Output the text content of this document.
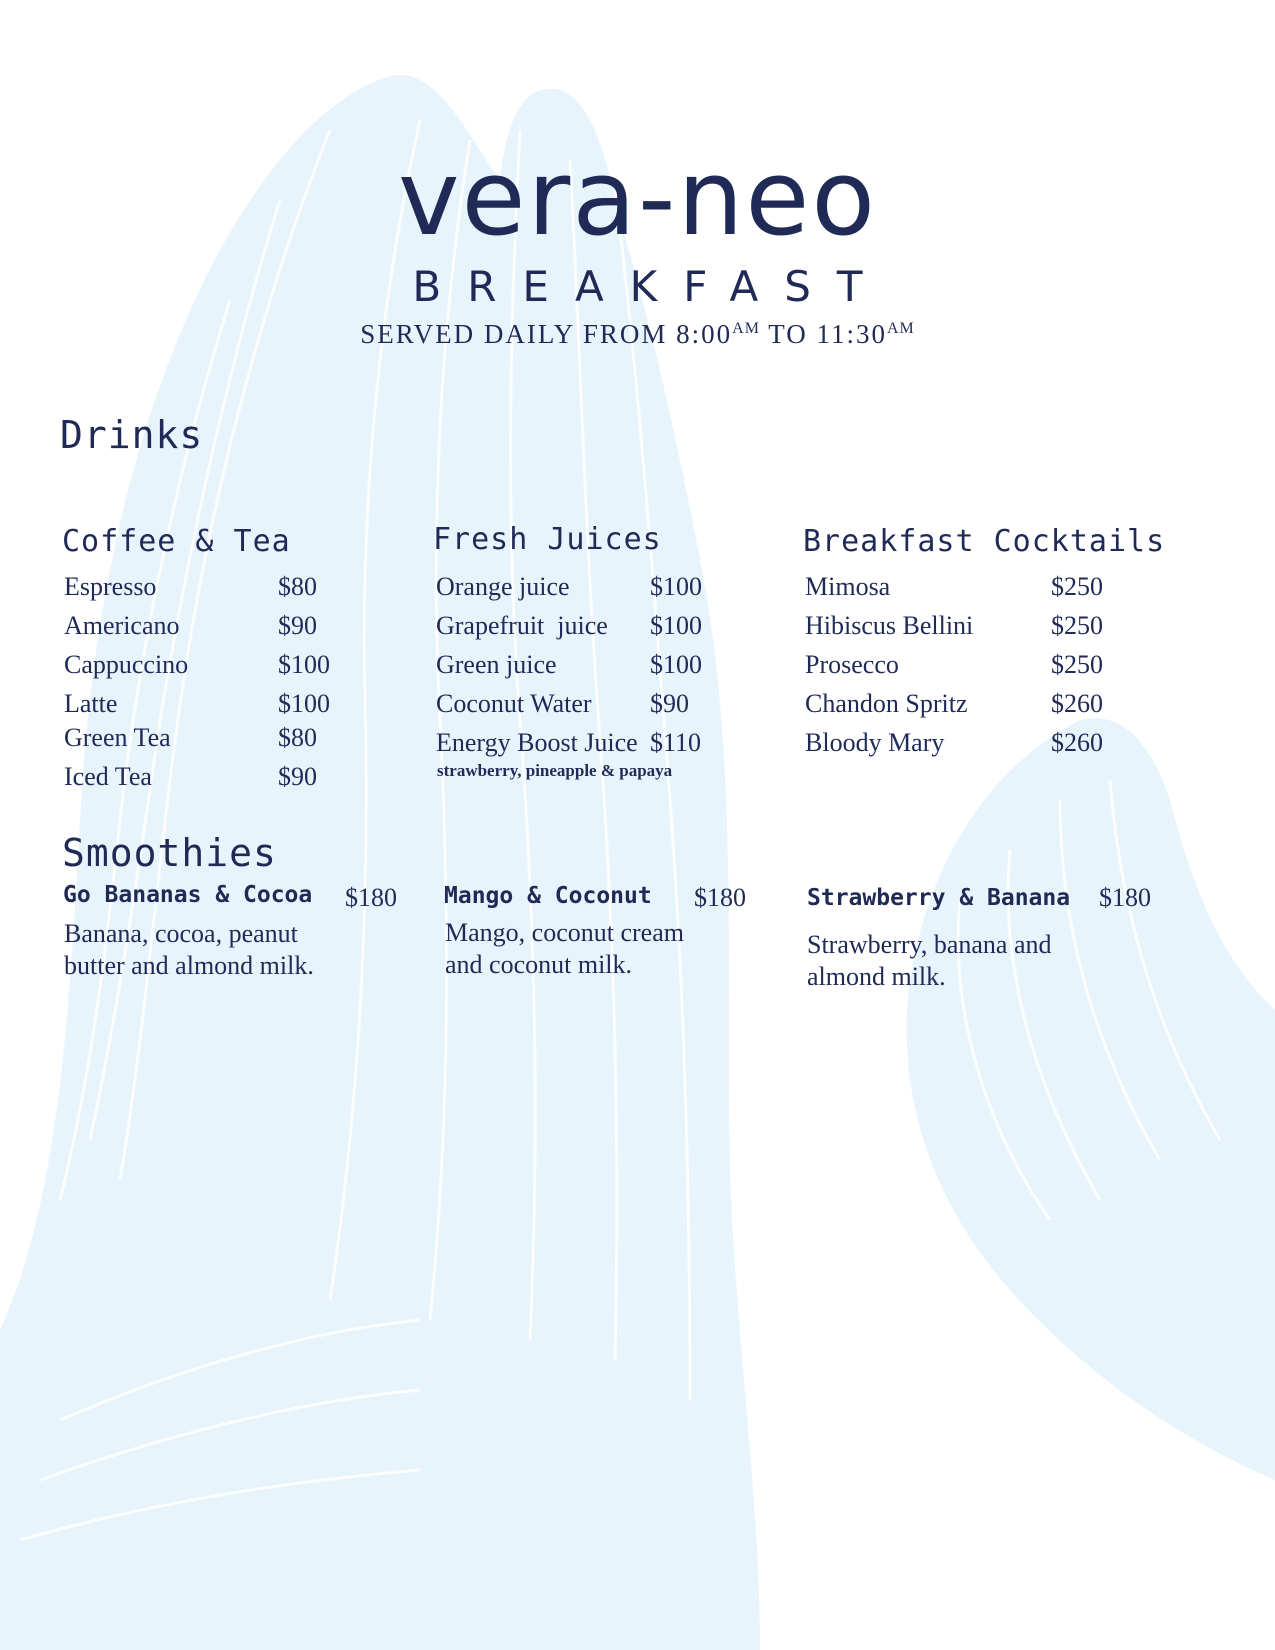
vera-neo
BREAKFAST
SERVED DAILY FROM $8:00^{AM}$ TO $11:30^{AM}$
Drinks
Coffee & Tea
Espresso	$80
Americano	$90
Cappuccino	$100
Latte	$100
Green Tea	$80
Iced Tea	$90
Fresh Juices
Orange juice	$100
Grapefruit  juice $100
Green juice	$100
Coconut Water $90
Energy Boost Juice $110
strawberry, pineapple & papaya
Breakfast Cocktails
Mimosa	$250
Hibiscus Bellini	$250
Prosecco	$250
Chandon Spritz	$260
Bloody Mary	$260
Smoothies
Go Bananas & Cocoa $180
Banana, cocoa, peanut butter and almond milk.
Mango & Coconut $180
Mango, coconut cream and coconut milk.
Strawberry & Banana $180
Strawberry, banana and almond milk.
